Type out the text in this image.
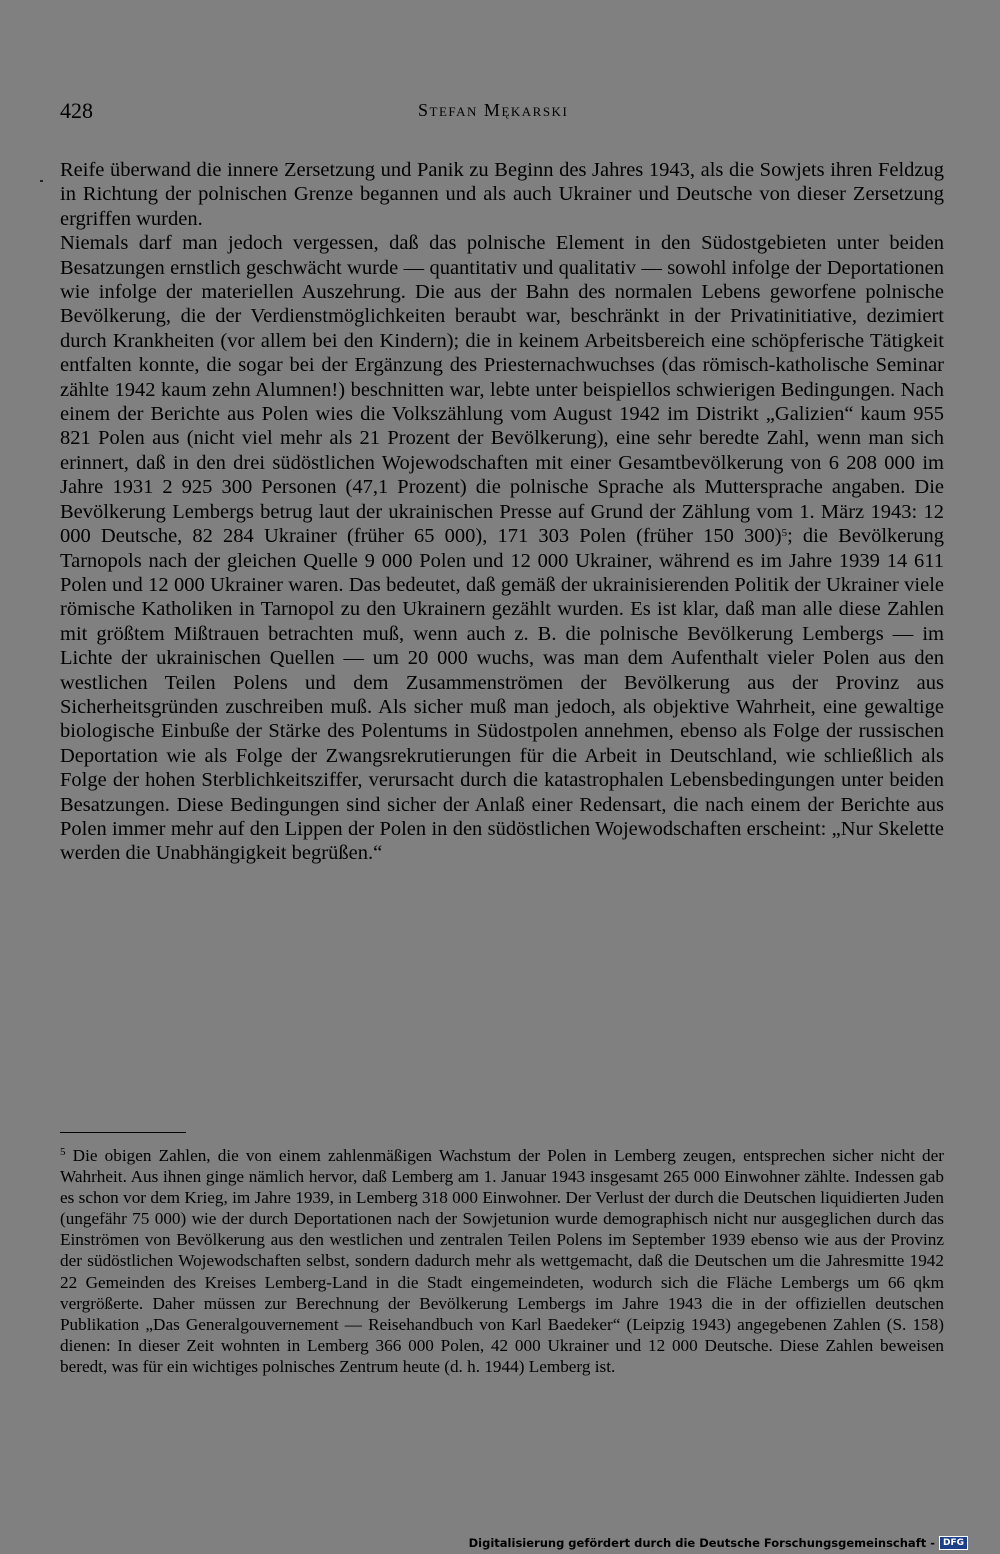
428	Stefan Mękarski

Reife überwand die innere Zersetzung und Panik zu Beginn des Jahres 1943, als die Sowjets ihren Feldzug in Richtung der polnischen Grenze begannen und als auch Ukrainer und Deutsche von dieser Zersetzung ergriffen wurden.

Niemals darf man jedoch vergessen, daß das polnische Element in den Südostgebieten unter beiden Besatzungen ernstlich geschwächt wurde — quantitativ und qualitativ — sowohl infolge der Deportationen wie infolge der materiellen Auszehrung. Die aus der Bahn des normalen Lebens geworfene polnische Bevölkerung, die der Verdienstmöglichkeiten beraubt war, beschränkt in der Privatinitiative, dezimiert durch Krankheiten (vor allem bei den Kindern); die in keinem Arbeitsbereich eine schöpferische Tätigkeit entfalten konnte, die sogar bei der Ergänzung des Priesternachwuchses (das römisch-katholische Seminar zählte 1942 kaum zehn Alumnen!) beschnitten war, lebte unter beispiellos schwierigen Bedingungen. Nach einem der Berichte aus Polen wies die Volkszählung vom August 1942 im Distrikt „Galizien“ kaum 955 821 Polen aus (nicht viel mehr als 21 Prozent der Bevölkerung), eine sehr beredte Zahl, wenn man sich erinnert, daß in den drei südöstlichen Wojewodschaften mit einer Gesamtbevölkerung von 6 208 000 im Jahre 1931 2 925 300 Personen (47,1 Prozent) die polnische Sprache als Muttersprache angaben. Die Bevölkerung Lembergs betrug laut der ukrainischen Presse auf Grund der Zählung vom 1. März 1943: 12 000 Deutsche, 82 284 Ukrainer (früher 65 000), 171 303 Polen (früher 150 300)$^5$; die Bevölkerung Tarnopols nach der gleichen Quelle 9 000 Polen und 12 000 Ukrainer, während es im Jahre 1939 14 611 Polen und 12 000 Ukrainer waren. Das bedeutet, daß gemäß der ukrainisierenden Politik der Ukrainer viele römische Katholiken in Tarnopol zu den Ukrainern gezählt wurden. Es ist klar, daß man alle diese Zahlen mit größtem Mißtrauen betrachten muß, wenn auch z. B. die polnische Bevölkerung Lembergs — im Lichte der ukrainischen Quellen — um 20 000 wuchs, was man dem Aufenthalt vieler Polen aus den westlichen Teilen Polens und dem Zusammenströmen der Bevölkerung aus der Provinz aus Sicherheitsgründen zuschreiben muß. Als sicher muß man jedoch, als objektive Wahrheit, eine gewaltige biologische Einbuße der Stärke des Polentums in Südostpolen annehmen, ebenso als Folge der russischen Deportation wie als Folge der Zwangsrekrutierungen für die Arbeit in Deutschland, wie schließlich als Folge der hohen Sterblichkeitsziffer, verursacht durch die katastrophalen Lebensbedingungen unter beiden Besatzungen. Diese Bedingungen sind sicher der Anlaß einer Redensart, die nach einem der Berichte aus Polen immer mehr auf den Lippen der Polen in den südöstlichen Wojewodschaften erscheint: „Nur Skelette werden die Unabhängigkeit begrüßen.“

$^5$ Die obigen Zahlen, die von einem zahlenmäßigen Wachstum der Polen in Lemberg zeugen, entsprechen sicher nicht der Wahrheit. Aus ihnen ginge nämlich hervor, daß Lemberg am 1. Januar 1943 insgesamt 265 000 Einwohner zählte. Indessen gab es schon vor dem Krieg, im Jahre 1939, in Lemberg 318 000 Einwohner. Der Verlust der durch die Deutschen liquidierten Juden (ungefähr 75 000) wie der durch Deportationen nach der Sowjetunion wurde demographisch nicht nur ausgeglichen durch das Einströmen von Bevölkerung aus den westlichen und zentralen Teilen Polens im September 1939 ebenso wie aus der Provinz der südöstlichen Wojewodschaften selbst, sondern dadurch mehr als wettgemacht, daß die Deutschen um die Jahresmitte 1942 22 Gemeinden des Kreises Lemberg-Land in die Stadt eingemeindeten, wodurch sich die Fläche Lembergs um 66 qkm vergrößerte. Daher müssen zur Berechnung der Bevölkerung Lembergs im Jahre 1943 die in der offiziellen deutschen Publikation „Das Generalgouvernement — Reisehandbuch von Karl Baedeker“ (Leipzig 1943) angegebenen Zahlen (S. 158) dienen: In dieser Zeit wohnten in Lemberg 366 000 Polen, 42 000 Ukrainer und 12 000 Deutsche. Diese Zahlen beweisen beredt, was für ein wichtiges polnisches Zentrum heute (d. h. 1944) Lemberg ist.

Digitalisierung gefördert durch die Deutsche Forschungsgemeinschaft - DFG
